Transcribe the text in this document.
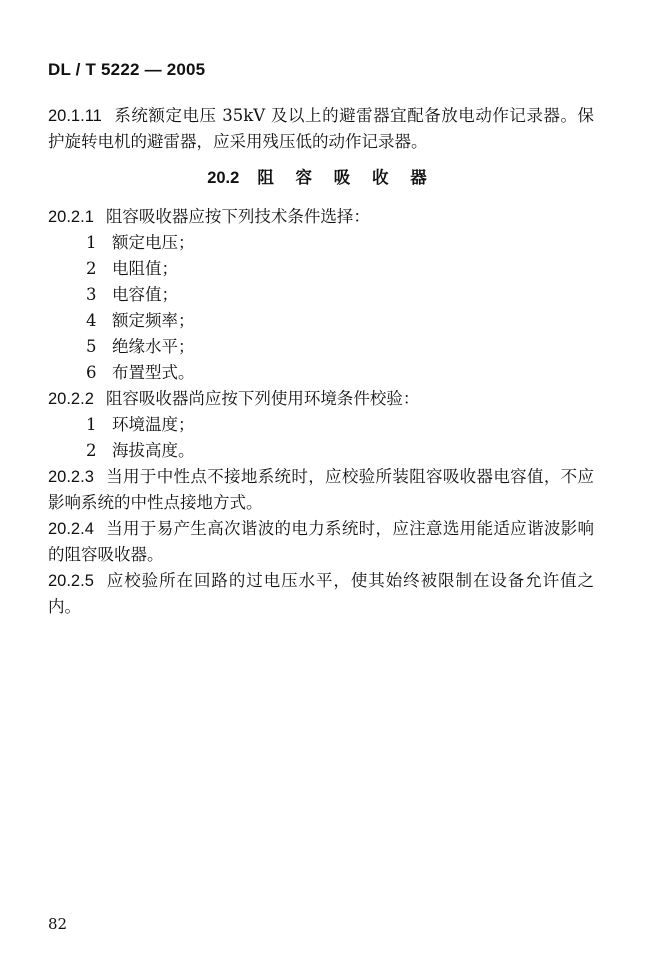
DL / T 5222 — 2005

20.1.11 系统额定电压 35kV 及以上的避雷器宜配备放电动作记录器。保护旋转电机的避雷器，应采用残压低的动作记录器。

20.2 阻 容 吸 收 器

20.2.1 阻容吸收器应按下列技术条件选择：

1 额定电压；

2 电阻值；

3 电容值；

4 额定频率；

5 绝缘水平；

6 布置型式。

20.2.2 阻容吸收器尚应按下列使用环境条件校验：

1 环境温度；

2 海拔高度。

20.2.3 当用于中性点不接地系统时，应校验所装阻容吸收器电容值，不应影响系统的中性点接地方式。

20.2.4 当用于易产生高次谐波的电力系统时，应注意选用能适应谐波影响的阻容吸收器。

20.2.5 应校验所在回路的过电压水平，使其始终被限制在设备允许值之内。

82
